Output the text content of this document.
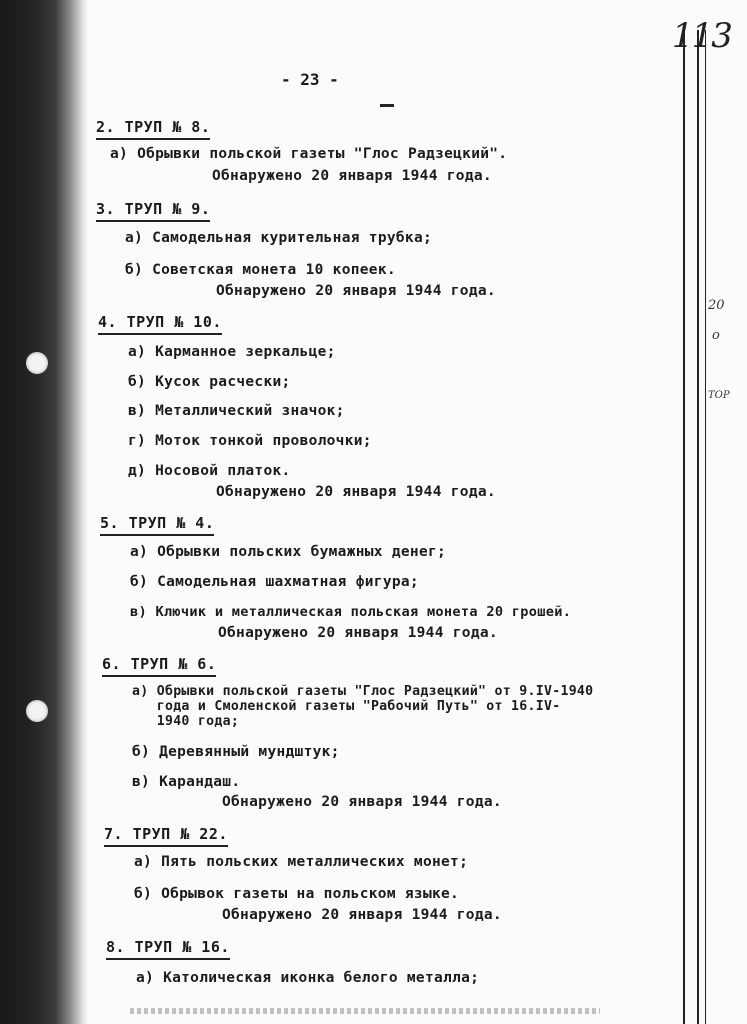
113
20
о
ТОР
- 23 -
2. ТРУП № 8.
а) Обрывки польской газеты "Глос Радзецкий".
Обнаружено 20 января 1944 года.
3. ТРУП № 9.
а) Самодельная курительная трубка;
б) Советская монета 10 копеек.
Обнаружено 20 января 1944 года.
4. ТРУП № 10.
а) Карманное зеркальце;
б) Кусок расчески;
в) Металлический значок;
г) Моток тонкой проволочки;
д) Носовой платок.
Обнаружено 20 января 1944 года.
5. ТРУП № 4.
а) Обрывки польских бумажных денег;
б) Самодельная шахматная фигура;
в) Ключик и металлическая польская монета 20 грошей.
Обнаружено 20 января 1944 года.
6. ТРУП № 6.
а) Обрывки польской газеты "Глос Радзецкий" от 9.IV-1940
года и Смоленской газеты "Рабочий Путь" от 16.IV-
1940 года;
б) Деревянный мундштук;
в) Карандаш.
Обнаружено 20 января 1944 года.
7. ТРУП № 22.
а) Пять польских металлических монет;
б) Обрывок газеты на польском языке.
Обнаружено 20 января 1944 года.
8. ТРУП № 16.
а) Католическая иконка белого металла;
